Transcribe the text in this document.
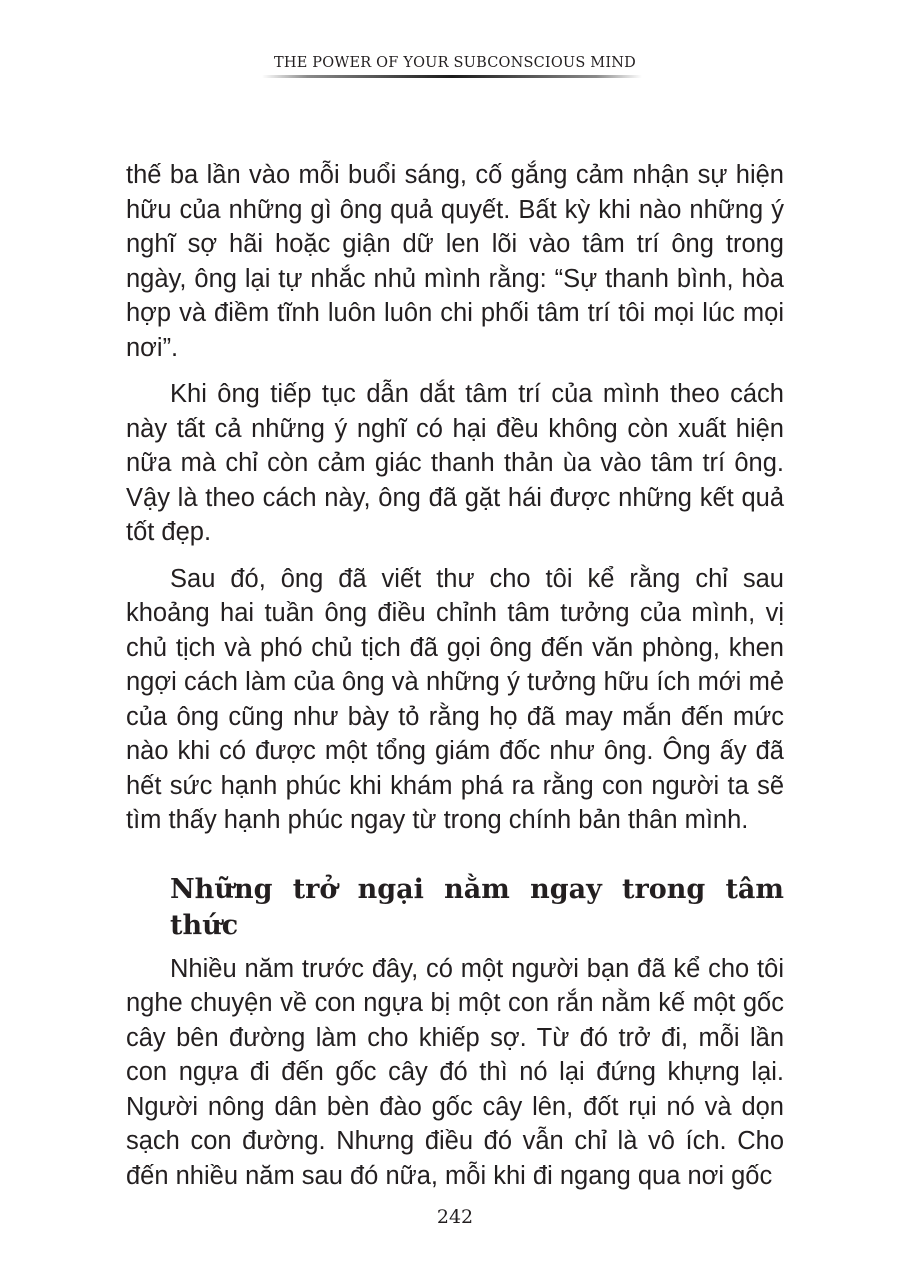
THE POWER OF YOUR SUBCONSCIOUS MIND

thế ba lần vào mỗi buổi sáng, cố gắng cảm nhận sự hiện hữu của những gì ông quả quyết. Bất kỳ khi nào những ý nghĩ sợ hãi hoặc giận dữ len lõi vào tâm trí ông trong ngày, ông lại tự nhắc nhủ mình rằng: “Sự thanh bình, hòa hợp và điềm tĩnh luôn luôn chi phối tâm trí tôi mọi lúc mọi nơi”.

Khi ông tiếp tục dẫn dắt tâm trí của mình theo cách này tất cả những ý nghĩ có hại đều không còn xuất hiện nữa mà chỉ còn cảm giác thanh thản ùa vào tâm trí ông. Vậy là theo cách này, ông đã gặt hái được những kết quả tốt đẹp.

Sau đó, ông đã viết thư cho tôi kể rằng chỉ sau khoảng hai tuần ông điều chỉnh tâm tưởng của mình, vị chủ tịch và phó chủ tịch đã gọi ông đến văn phòng, khen ngợi cách làm của ông và những ý tưởng hữu ích mới mẻ của ông cũng như bày tỏ rằng họ đã may mắn đến mức nào khi có được một tổng giám đốc như ông. Ông ấy đã hết sức hạnh phúc khi khám phá ra rằng con người ta sẽ tìm thấy hạnh phúc ngay từ trong chính bản thân mình.

Những trở ngại nằm ngay trong tâm thức

Nhiều năm trước đây, có một người bạn đã kể cho tôi nghe chuyện về con ngựa bị một con rắn nằm kế một gốc cây bên đường làm cho khiếp sợ. Từ đó trở đi, mỗi lần con ngựa đi đến gốc cây đó thì nó lại đứng khựng lại. Người nông dân bèn đào gốc cây lên, đốt rụi nó và dọn sạch con đường. Nhưng điều đó vẫn chỉ là vô ích. Cho đến nhiều năm sau đó nữa, mỗi khi đi ngang qua nơi gốc

242
